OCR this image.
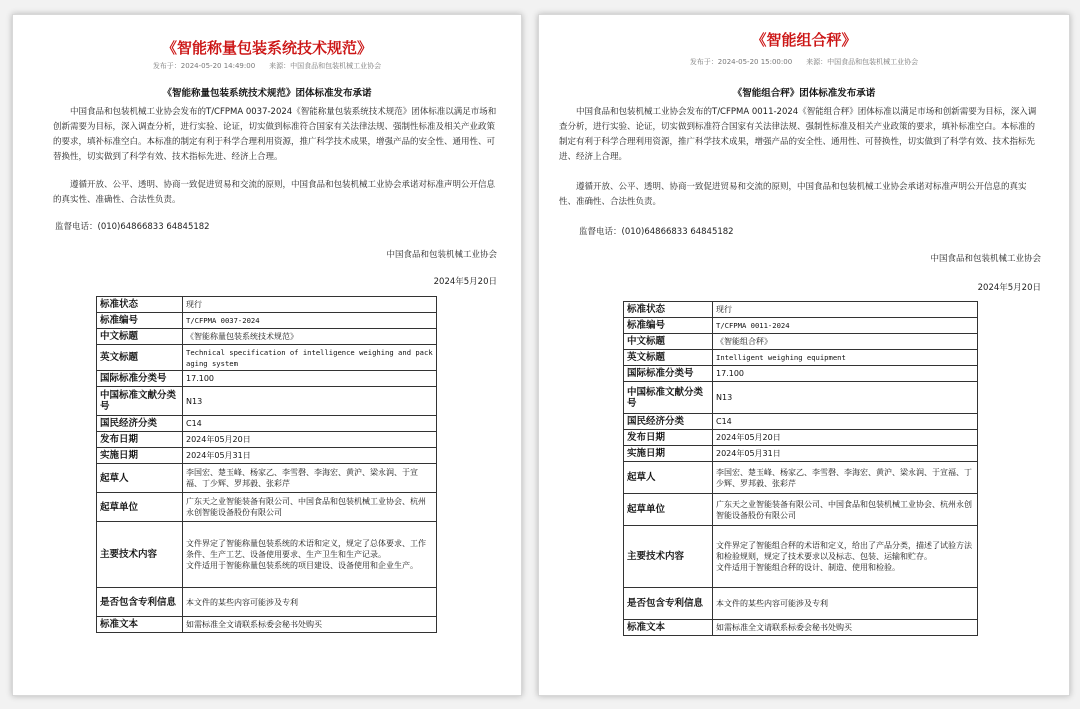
《智能称量包装系统技术规范》
发布于：2024-05-20 14:49:00 来源：中国食品和包装机械工业协会
《智能称量包装系统技术规范》团体标准发布承诺

中国食品和包装机械工业协会发布的T/CFPMA 0037-2024《智能称量包装系统技术规范》团体标准以满足市场和创新需要为目标，深入调查分析，进行实验、论证，切实做到标准符合国家有关法律法规、强制性标准及相关产业政策的要求，填补标准空白。本标准的制定有利于科学合理利用资源，推广科学技术成果，增强产品的安全性、通用性、可替换性，切实做到了科学有效、技术指标先进、经济上合理。

遵循开放、公平、透明、协商一致促进贸易和交流的原则，中国食品和包装机械工业协会承诺对标准声明公开信息的真实性、准确性、合法性负责。

监督电话：(010)64866833 64845182
中国食品和包装机械工业协会
2024年5月20日
标准状态	现行
标准编号	T/CFPMA 0037-2024
中文标题	《智能称量包装系统技术规范》
英文标题	Technical specification of intelligence weighing and packaging system
国际标准分类号	17.100
中国标准文献分类号	N13
国民经济分类	C14
发布日期	2024年05月20日
实施日期	2024年05月31日
起草人	李国宏、楚玉峰、杨家乙、李雪磬、李海宏、黄沪、梁永润、于宣福、丁少辉、罗邦毅、张彩芹
起草单位	广东天之业智能装备有限公司、中国食品和包装机械工业协会、杭州永创智能设备股份有限公司
主要技术内容	文件界定了智能称量包装系统的术语和定义，规定了总体要求、工作条件、生产工艺、设备使用要求、生产卫生和生产记录。
文件适用于智能称量包装系统的项目建设、设备使用和企业生产。
是否包含专利信息	本文件的某些内容可能涉及专利
标准文本	如需标准全文请联系标委会秘书处购买
《智能组合秤》
发布于：2024-05-20 15:00:00 来源：中国食品和包装机械工业协会
《智能组合秤》团体标准发布承诺

中国食品和包装机械工业协会发布的T/CFPMA 0011-2024《智能组合秤》团体标准以满足市场和创新需要为目标，深入调查分析，进行实验、论证，切实做到标准符合国家有关法律法规、强制性标准及相关产业政策的要求，填补标准空白。本标准的制定有利于科学合理利用资源，推广科学技术成果，增强产品的安全性、通用性、可替换性，切实做到了科学有效、技术指标先进、经济上合理。

遵循开放、公平、透明、协商一致促进贸易和交流的原则，中国食品和包装机械工业协会承诺对标准声明公开信息的真实性、准确性、合法性负责。

监督电话：(010)64866833 64845182
中国食品和包装机械工业协会
2024年5月20日
标准状态	现行
标准编号	T/CFPMA 0011-2024
中文标题	《智能组合秤》
英文标题	Intelligent weighing equipment
国际标准分类号	17.100
中国标准文献分类号	N13
国民经济分类	C14
发布日期	2024年05月20日
实施日期	2024年05月31日
起草人	李国宏、楚玉峰、杨家乙、李雪磬、李海宏、黄沪、梁永润、于宣福、丁少辉、罗邦毅、张彩芹
起草单位	广东天之业智能装备有限公司、中国食品和包装机械工业协会、杭州永创智能设备股份有限公司
主要技术内容	文件界定了智能组合秤的术语和定义，给出了产品分类，描述了试验方法和检验规则，规定了技术要求以及标志、包装、运输和贮存。
文件适用于智能组合秤的设计、制造、使用和检验。
是否包含专利信息	本文件的某些内容可能涉及专利
标准文本	如需标准全文请联系标委会秘书处购买
